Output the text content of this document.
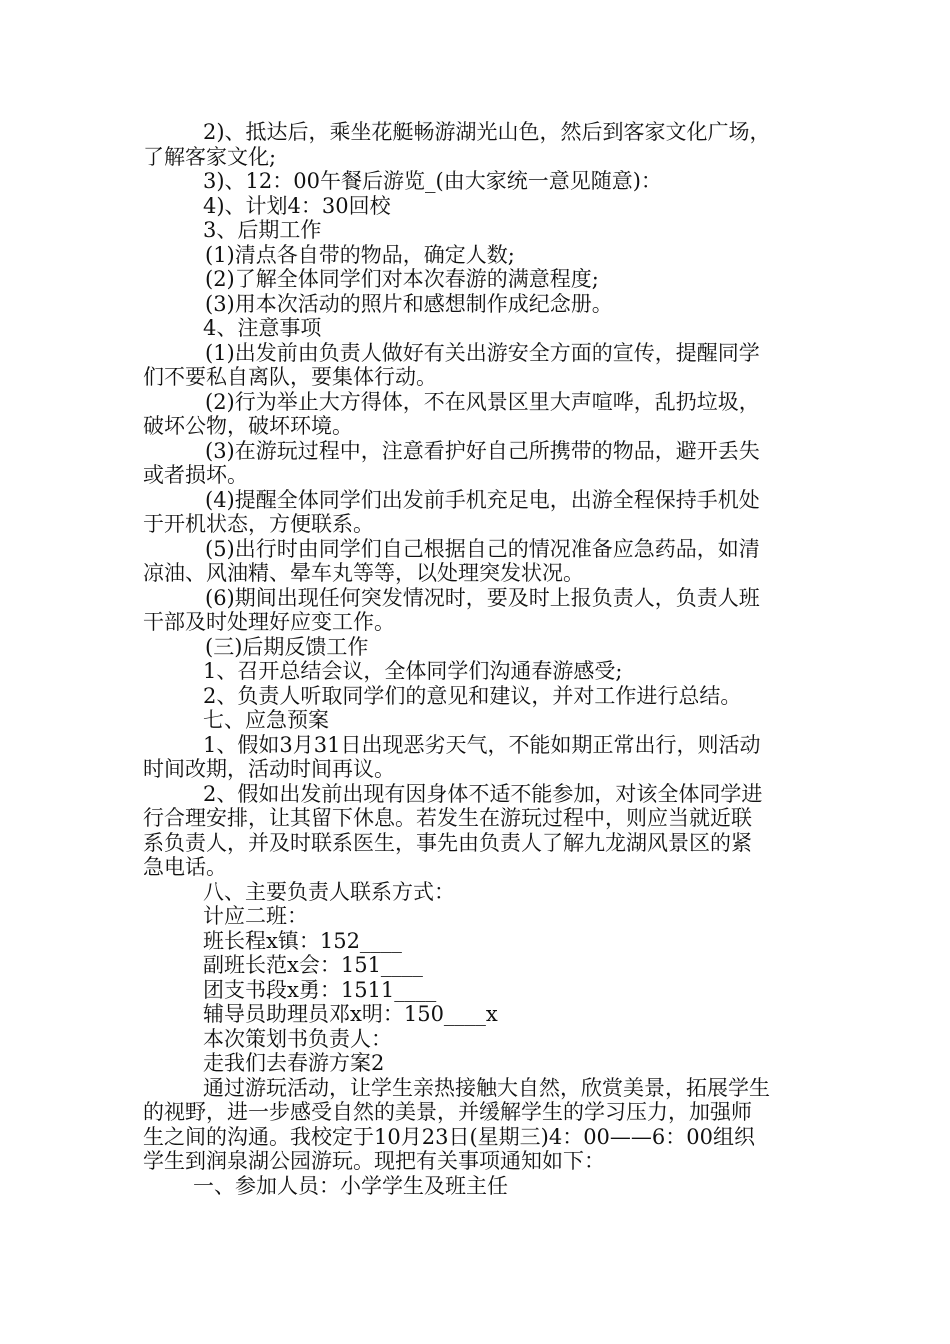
2)、抵达后，乘坐花艇畅游湖光山色，然后到客家文化广场，
了解客家文化;
3)、12：00午餐后游览_(由大家统一意见随意)：
4)、计划4：30回校
3、后期工作
(1)清点各自带的物品，确定人数;
(2)了解全体同学们对本次春游的满意程度;
(3)用本次活动的照片和感想制作成纪念册。
4、注意事项
(1)出发前由负责人做好有关出游安全方面的宣传，提醒同学
们不要私自离队，要集体行动。
(2)行为举止大方得体，不在风景区里大声喧哗，乱扔垃圾，
破坏公物，破坏环境。
(3)在游玩过程中，注意看护好自己所携带的物品，避开丢失
或者损坏。
(4)提醒全体同学们出发前手机充足电，出游全程保持手机处
于开机状态，方便联系。
(5)出行时由同学们自己根据自己的情况准备应急药品，如清
凉油、风油精、晕车丸等等，以处理突发状况。
(6)期间出现任何突发情况时，要及时上报负责人，负责人班
干部及时处理好应变工作。
(三)后期反馈工作
1、召开总结会议，全体同学们沟通春游感受;
2、负责人听取同学们的意见和建议，并对工作进行总结。
七、应急预案
1、假如3月31日出现恶劣天气，不能如期正常出行，则活动
时间改期，活动时间再议。
2、假如出发前出现有因身体不适不能参加，对该全体同学进
行合理安排，让其留下休息。若发生在游玩过程中，则应当就近联
系负责人，并及时联系医生，事先由负责人了解九龙湖风景区的紧
急电话。
八、主要负责人联系方式：
计应二班：
班长程x镇：152____
副班长范x会：151____
团支书段x勇：1511____
辅导员助理员邓x明：150____x
本次策划书负责人：
走我们去春游方案2
通过游玩活动，让学生亲热接触大自然，欣赏美景，拓展学生
的视野，进一步感受自然的美景，并缓解学生的学习压力，加强师
生之间的沟通。我校定于10月23日(星期三)4：00——6：00组织
学生到润泉湖公园游玩。现把有关事项通知如下：
一、参加人员：小学学生及班主任
